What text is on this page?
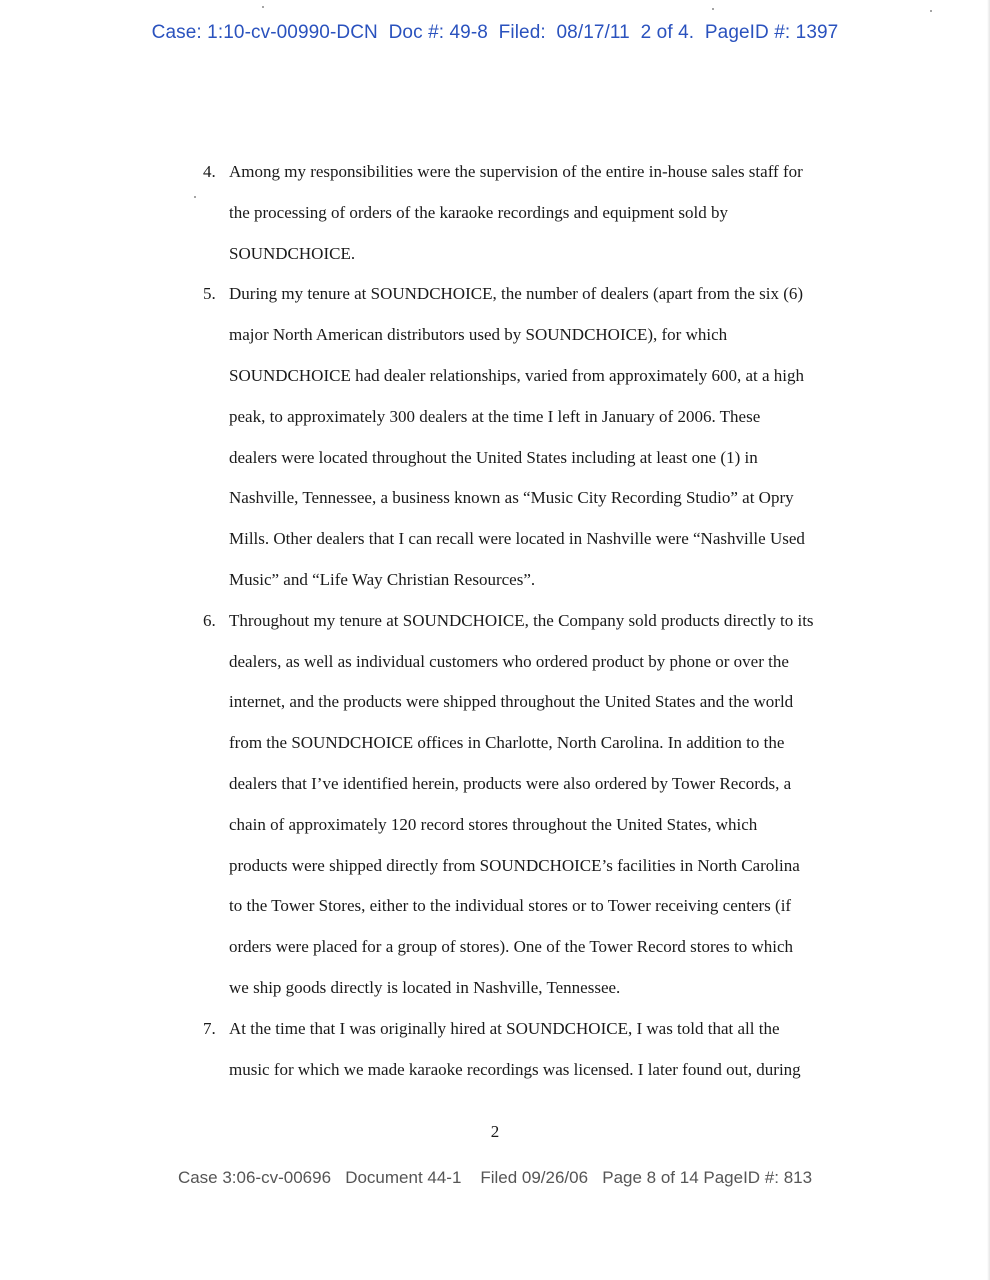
Case: 1:10-cv-00990-DCN  Doc #: 49-8  Filed:  08/17/11  2 of 4.  PageID #: 1397
4. Among my responsibilities were the supervision of the entire in-house sales staff for
the processing of orders of the karaoke recordings and equipment sold by
SOUNDCHOICE.
5. During my tenure at SOUNDCHOICE, the number of dealers (apart from the six (6)
major North American distributors used by SOUNDCHOICE), for which
SOUNDCHOICE had dealer relationships, varied from approximately 600, at a high
peak, to approximately 300 dealers at the time I left in January of 2006. These
dealers were located throughout the United States including at least one (1) in
Nashville, Tennessee, a business known as “Music City Recording Studio” at Opry
Mills. Other dealers that I can recall were located in Nashville were “Nashville Used
Music” and “Life Way Christian Resources”.
6. Throughout my tenure at SOUNDCHOICE, the Company sold products directly to its
dealers, as well as individual customers who ordered product by phone or over the
internet, and the products were shipped throughout the United States and the world
from the SOUNDCHOICE offices in Charlotte, North Carolina. In addition to the
dealers that I’ve identified herein, products were also ordered by Tower Records, a
chain of approximately 120 record stores throughout the United States, which
products were shipped directly from SOUNDCHOICE’s facilities in North Carolina
to the Tower Stores, either to the individual stores or to Tower receiving centers (if
orders were placed for a group of stores). One of the Tower Record stores to which
we ship goods directly is located in Nashville, Tennessee.
7. At the time that I was originally hired at SOUNDCHOICE, I was told that all the
music for which we made karaoke recordings was licensed. I later found out, during
2
Case 3:06-cv-00696   Document 44-1    Filed 09/26/06   Page 8 of 14 PageID #: 813
